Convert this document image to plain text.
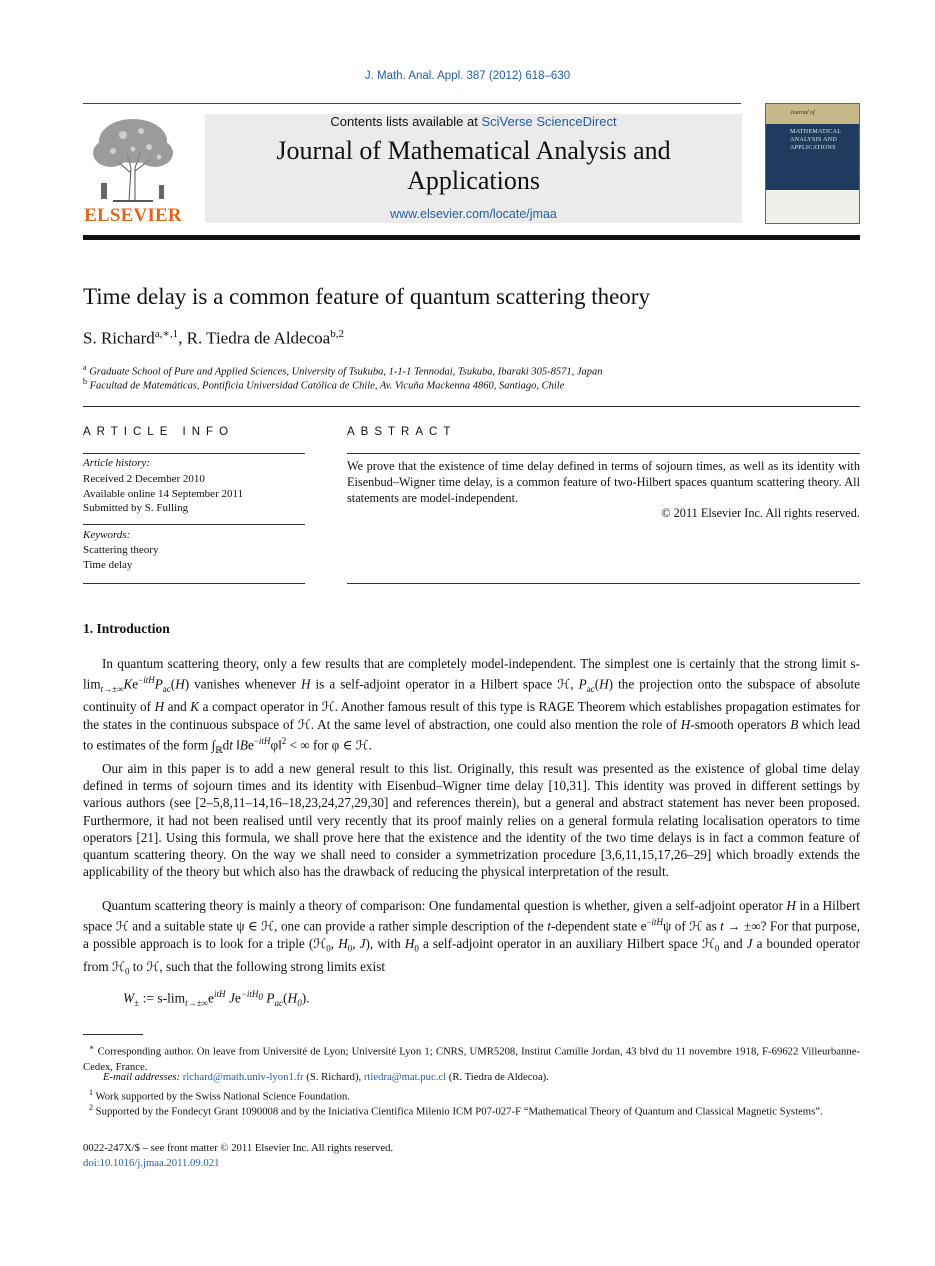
J. Math. Anal. Appl. 387 (2012) 618–630
ELSEVIER
Contents lists available at SciVerse ScienceDirect
Journal of Mathematical Analysis and
Applications
www.elsevier.com/locate/jmaa
Journal of
MATHEMATICAL ANALYSIS AND APPLICATIONS
Time delay is a common feature of quantum scattering theory
S. Richard$^{a,∗,1}$, R. Tiedra de Aldecoa$^{b,2}$
$^a$ Graduate School of Pure and Applied Sciences, University of Tsukuba, 1-1-1 Tennodai, Tsukuba, Ibaraki 305-8571, Japan
$^b$ Facultad de Matemáticas, Pontificia Universidad Católica de Chile, Av. Vicuña Mackenna 4860, Santiago, Chile
ARTICLE INFO	ABSTRACT
Article history:
Received 2 December 2010
Available online 14 September 2011
Submitted by S. Fulling
Keywords:
Scattering theory
Time delay
We prove that the existence of time delay defined in terms of sojourn times, as well as its identity with Eisenbud–Wigner time delay, is a common feature of two-Hilbert spaces quantum scattering theory. All statements are model-independent.
© 2011 Elsevier Inc. All rights reserved.
1. Introduction
In quantum scattering theory, only a few results that are completely model-independent. The simplest one is certainly that the strong limit $s-\lim_{t\to\pm\infty}Ke^{-itH}P_{ac}(H)$ vanishes whenever H is a self-adjoint operator in a Hilbert space ℋ, $P_{ac}(H)$ the projection onto the subspace of absolute continuity of H and K a compact operator in ℋ. Another famous result of this type is RAGE Theorem which establishes propagation estimates for the states in the continuous subspace of ℋ. At the same level of abstraction, one could also mention the role of H-smooth operators B which lead to estimates of the form $\int_ℝdt$ $‖Be^{-itH}\varphi‖^2$ < ∞ for φ ∈ ℋ.
Our aim in this paper is to add a new general result to this list. Originally, this result was presented as the existence of global time delay defined in terms of sojourn times and its identity with Eisenbud–Wigner time delay [10,31]. This identity was proved in different settings by various authors (see [2–5,8,11–14,16–18,23,24,27,29,30] and references therein), but a general and abstract statement has never been proposed. Furthermore, it had not been realised until very recently that its proof mainly relies on a general formula relating localisation operators to time operators [21]. Using this formula, we shall prove here that the existence and the identity of the two time delays is in fact a common feature of quantum scattering theory. On the way we shall need to consider a symmetrization procedure [3,6,11,15,17,26–29] which broadly extends the applicability of the theory but which also has the drawback of reducing the physical interpretation of the result.
Quantum scattering theory is mainly a theory of comparison: One fundamental question is whether, given a self-adjoint operator H in a Hilbert space ℋ and a suitable state ψ ∈ ℋ, one can provide a rather simple description of the t-dependent state $e^{-itH}\psi$ of ℋ as t → ±∞? For that purpose, a possible approach is to look for a triple (ℋ$_0$, $H_0$, J), with $H_0$ a self-adjoint operator in an auxiliary Hilbert space ℋ$_0$ and J a bounded operator from ℋ$_0$ to ℋ, such that the following strong limits exist
$W_\pm$ := $s-\lim_{t\to\pm\infty}e^{itH}$ $Je^{-itH_0}$ $P_{ac}(H_0)$.
∗ Corresponding author. On leave from Université de Lyon; Université Lyon 1; CNRS, UMR5208, Institut Camille Jordan, 43 blvd du 11 novembre 1918, F-69622 Villeurbanne-Cedex, France.
E-mail addresses: richard@math.univ-lyon1.fr (S. Richard), rtiedra@mat.puc.cl (R. Tiedra de Aldecoa).
$^1$ Work supported by the Swiss National Science Foundation.
$^2$ Supported by the Fondecyt Grant 1090008 and by the Iniciativa Cientifica Milenio ICM P07-027-F “Mathematical Theory of Quantum and Classical Magnetic Systems”.
0022-247X/$ – see front matter © 2011 Elsevier Inc. All rights reserved.
doi:10.1016/j.jmaa.2011.09.021
